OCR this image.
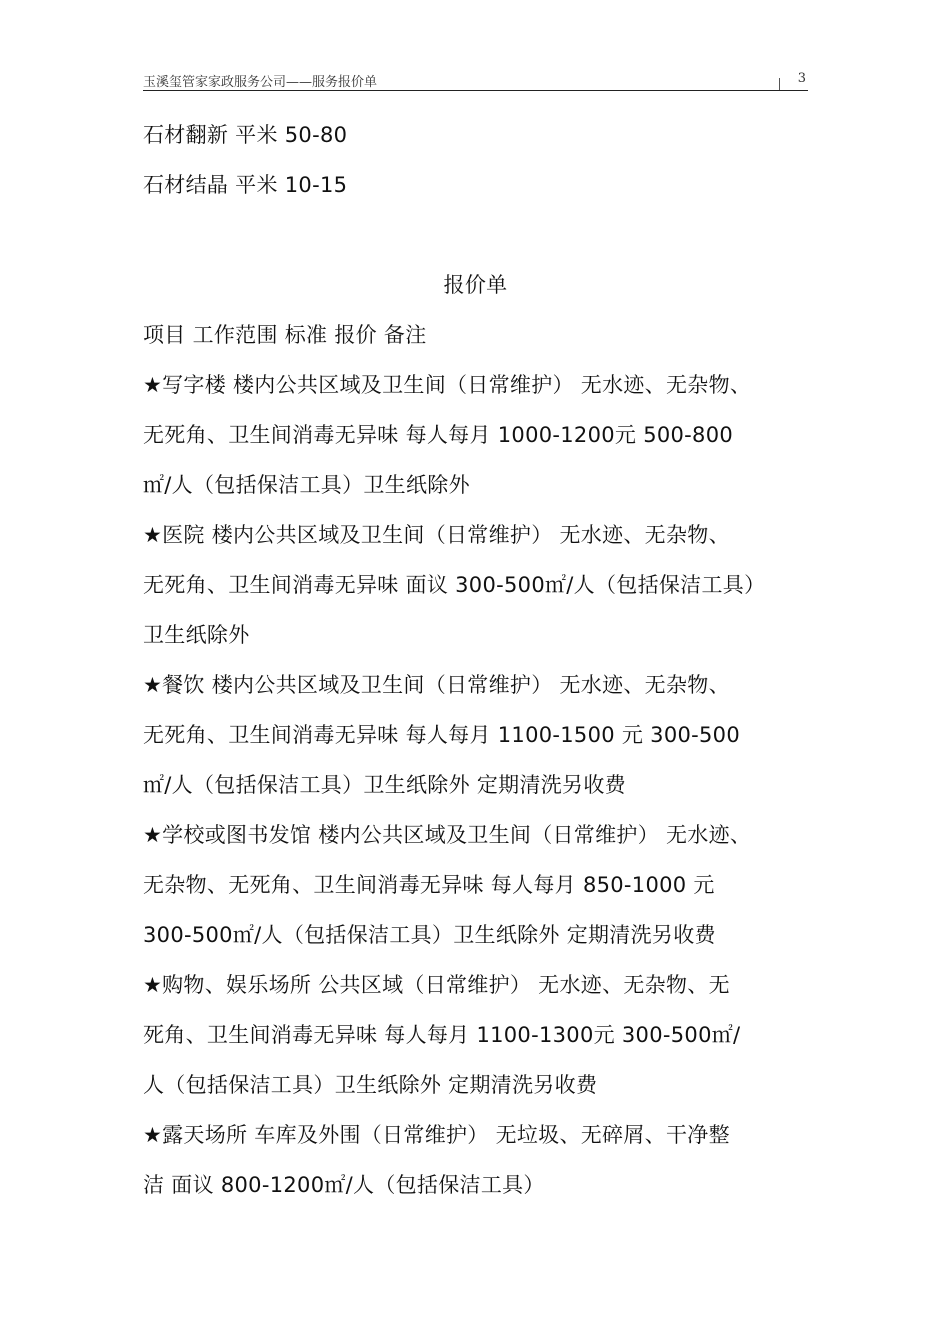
玉溪玺管家家政服务公司——服务报价单	3
石材翻新 平米 50-80
石材结晶 平米 10-15
报价单
项目 工作范围 标准 报价 备注
★写字楼 楼内公共区域及卫生间（日常维护） 无水迹、无杂物、
无死角、卫生间消毒无异味 每人每月 1000-1200元 500-800
㎡/人（包括保洁工具）卫生纸除外
★医院 楼内公共区域及卫生间（日常维护） 无水迹、无杂物、
无死角、卫生间消毒无异味 面议 300-500㎡/人（包括保洁工具）
卫生纸除外
★餐饮 楼内公共区域及卫生间（日常维护） 无水迹、无杂物、
无死角、卫生间消毒无异味 每人每月 1100-1500 元 300-500
㎡/人（包括保洁工具）卫生纸除外 定期清洗另收费
★学校或图书发馆 楼内公共区域及卫生间（日常维护） 无水迹、
无杂物、无死角、卫生间消毒无异味 每人每月 850-1000 元
300-500㎡/人（包括保洁工具）卫生纸除外 定期清洗另收费
★购物、娱乐场所 公共区域（日常维护） 无水迹、无杂物、无
死角、卫生间消毒无异味 每人每月 1100-1300元 300-500㎡/
人（包括保洁工具）卫生纸除外 定期清洗另收费
★露天场所 车库及外围（日常维护） 无垃圾、无碎屑、干净整
洁 面议 800-1200㎡/人（包括保洁工具）
